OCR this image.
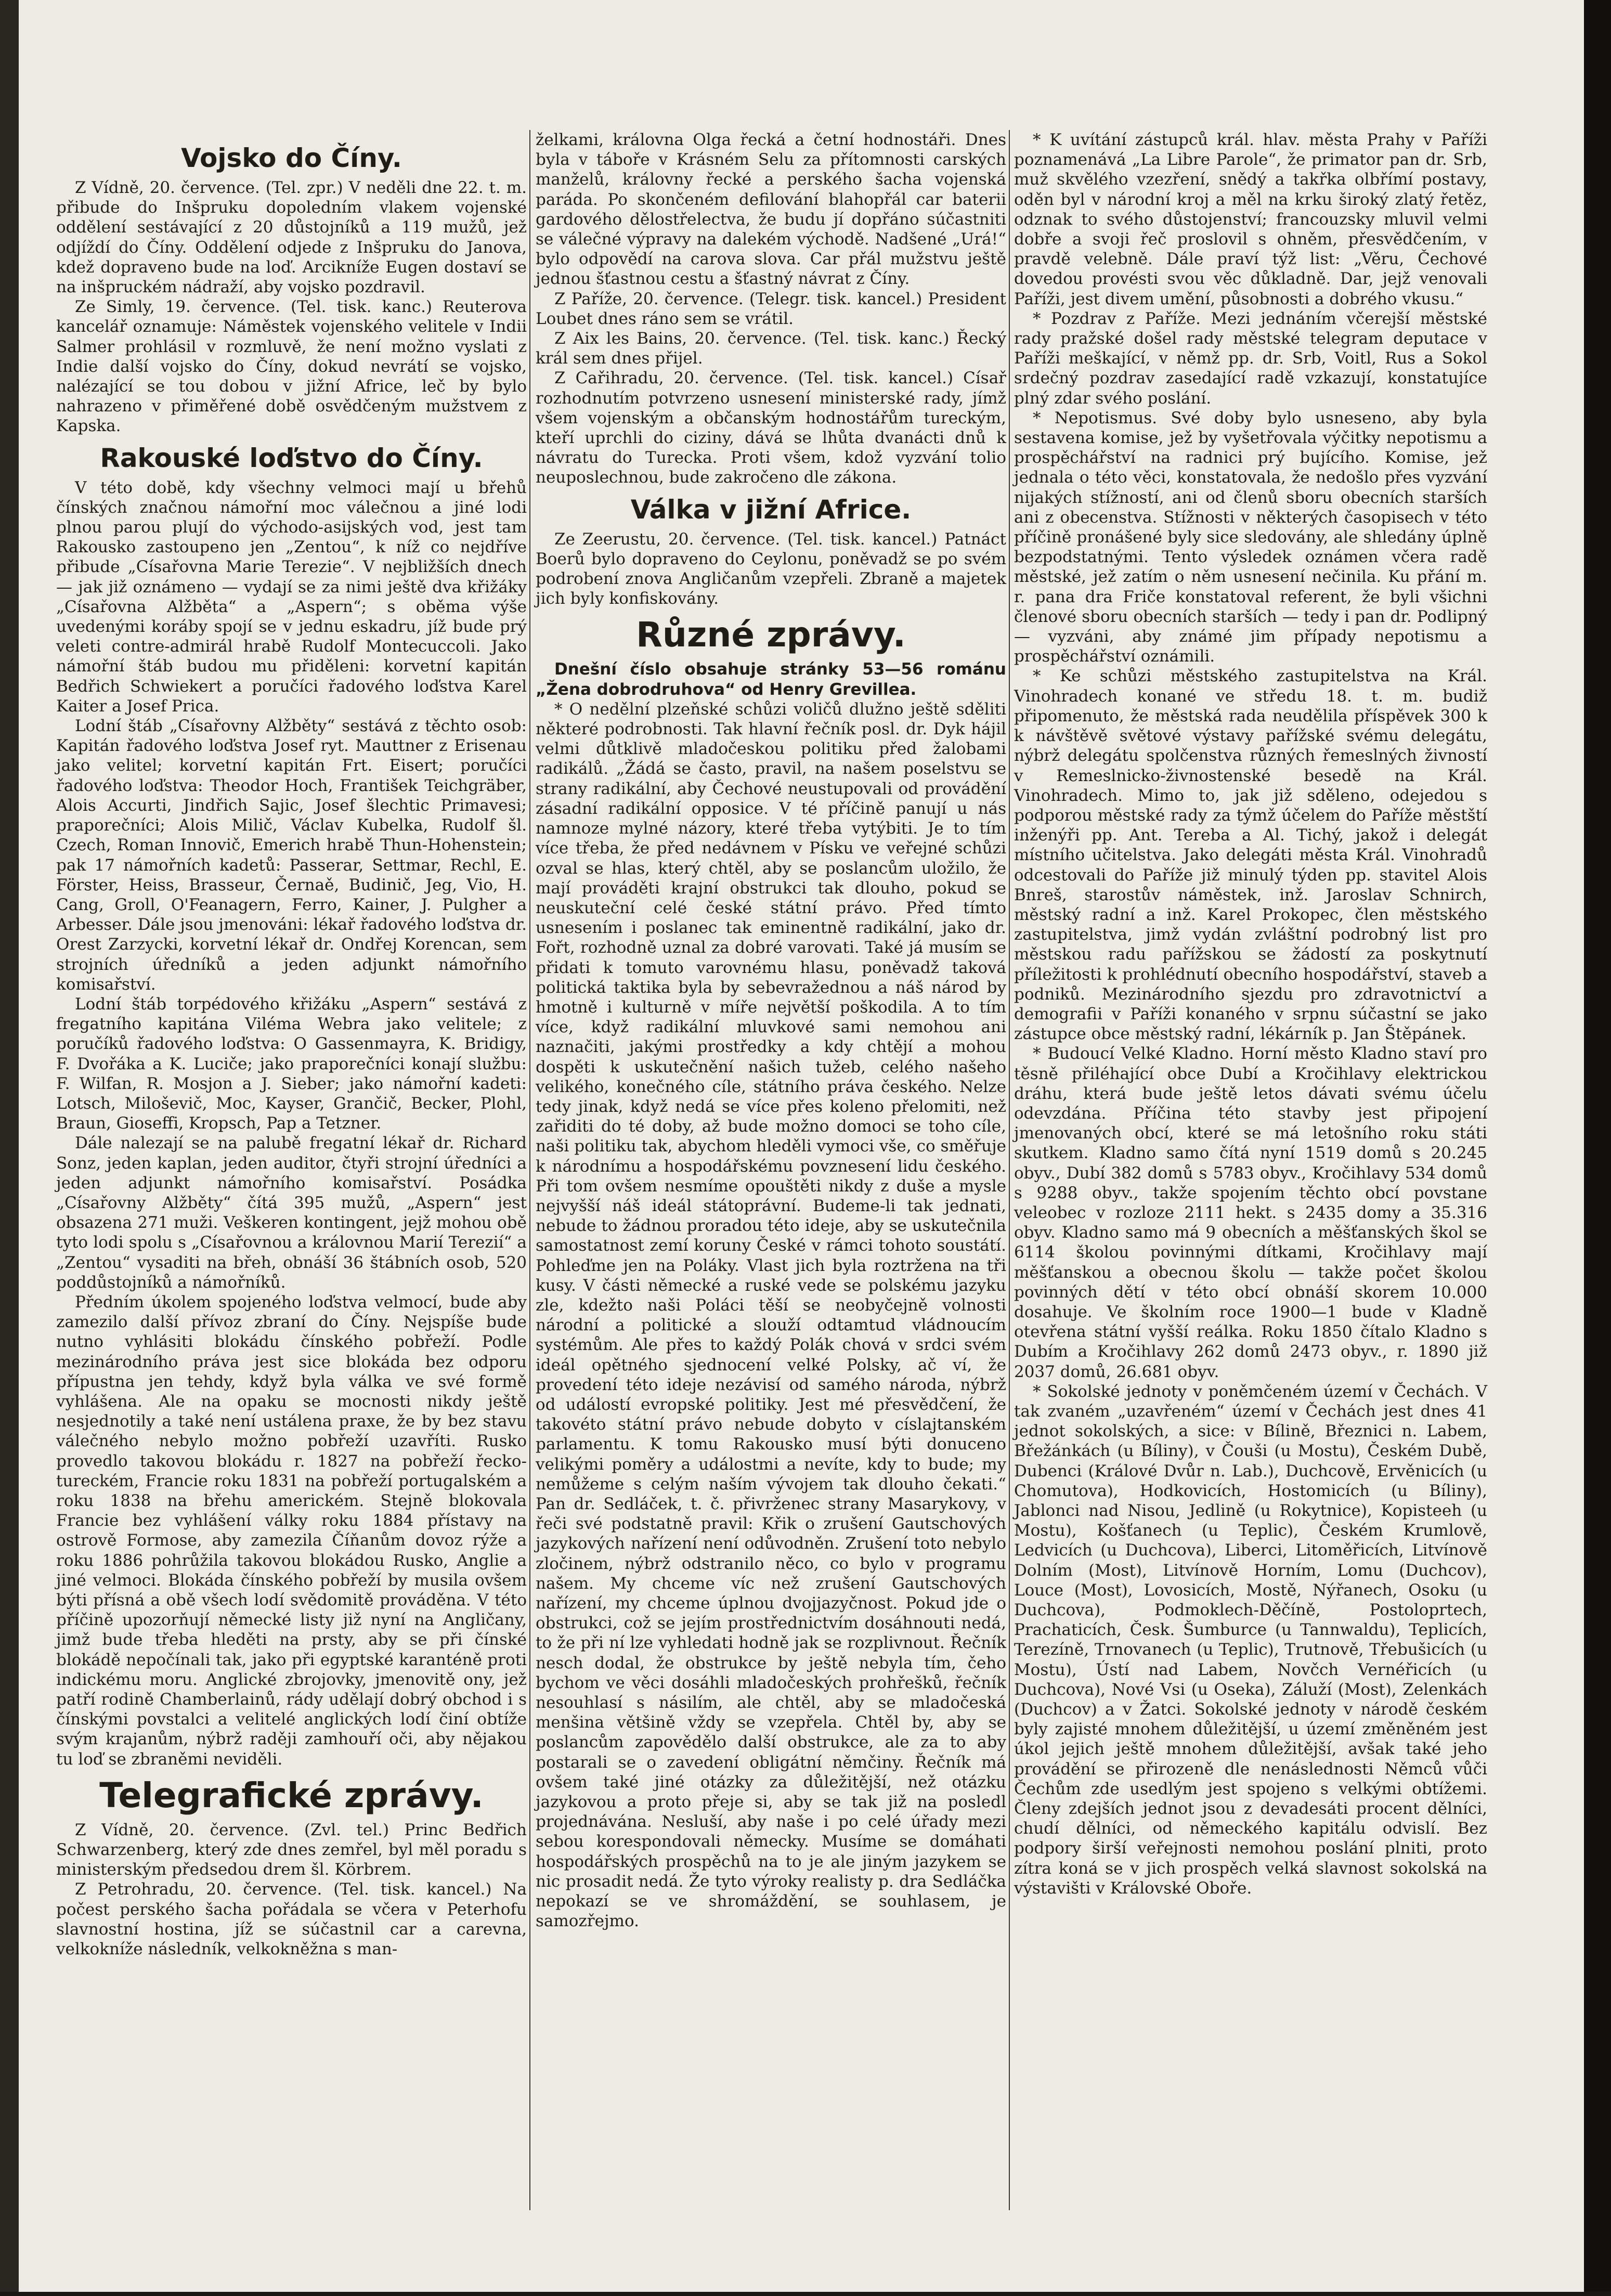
Vojsko do Číny.

Z Vídně, 20. července. (Tel. zpr.) V neděli dne 22. t. m. přibude do Inšpruku dopoledním vlakem vojenské oddělení sestávající z 20 důstojníků a 119 mužů, jež odjíždí do Číny. Oddělení odjede z Inšpruku do Janova, kdež dopraveno bude na loď. Arcikníže Eugen dostaví se na inšpruckém nádraží, aby vojsko pozdravil.

Ze Simly, 19. července. (Tel. tisk. kanc.) Reuterova kancelář oznamuje: Náměstek vojenského velitele v Indii Salmer prohlásil v rozmluvě, že není možno vyslati z Indie další vojsko do Číny, dokud nevrátí se vojsko, nalézající se tou dobou v jižní Africe, leč by bylo nahrazeno v přiměřené době osvědčeným mužstvem z Kapska.

Rakouské loďstvo do Číny.

V této době, kdy všechny velmoci mají u břehů čínských značnou námořní moc válečnou a jiné lodi plnou parou plují do východo-asijských vod, jest tam Rakousko zastoupeno jen „Zentou“, k níž co nejdříve přibude „Císařovna Marie Terezie“. V nejbližších dnech — jak již oznámeno — vydají se za nimi ještě dva křižáky „Císařovna Alžběta“ a „Aspern“; s oběma výše uvedenými koráby spojí se v jednu eskadru, jíž bude prý veleti contre-admirál hrabě Rudolf Montecuccoli. Jako námořní štáb budou mu přiděleni: korvetní kapitán Bedřich Schwiekert a poručíci řadového loďstva Karel Kaiter a Josef Prica.

Lodní štáb „Císařovny Alžběty“ sestává z těchto osob: Kapitán řadového loďstva Josef ryt. Mauttner z Erisenau jako velitel; korvetní kapitán Frt. Eisert; poručíci řadového loďstva: Theodor Hoch, František Teichgräber, Alois Accurti, Jindřich Sajic, Josef šlechtic Primavesi; praporečníci; Alois Milič, Václav Kubelka, Rudolf šl. Czech, Roman Innovič, Emerich hrabě Thun-Hohenstein; pak 17 námořních kadetů: Passerar, Settmar, Rechl, E. Förster, Heiss, Brasseur, Černaě, Budinič, Jeg, Vio, H. Cang, Groll, O'Feanagern, Ferro, Kainer, J. Pulgher a Arbesser. Dále jsou jmenováni: lékař řadového loďstva dr. Orest Zarzycki, korvetní lékař dr. Ondřej Korencan, sem strojních úředníků a jeden adjunkt námořního komisařství.

Lodní štáb torpédového křižáku „Aspern“ sestává z fregatního kapitána Viléma Webra jako velitele; z poručíků řadového loďstva: O Gassenmayra, K. Bridigy, F. Dvořáka a K. Luciče; jako praporečníci konají službu: F. Wilfan, R. Mosjon a J. Sieber; jako námořní kadeti: Lotsch, Miloševič, Moc, Kayser, Grančič, Becker, Plohl, Braun, Gioseffi, Kropsch, Pap a Tetzner.

Dále nalezají se na palubě fregatní lékař dr. Richard Sonz, jeden kaplan, jeden auditor, čtyři strojní úředníci a jeden adjunkt námořního komisařství. Posádka „Císařovny Alžběty“ čítá 395 mužů, „Aspern“ jest obsazena 271 muži. Veškeren kontingent, jejž mohou obě tyto lodi spolu s „Císařovnou a královnou Marií Terezií“ a „Zentou“ vysaditi na břeh, obnáší 36 štábních osob, 520 poddůstojníků a námořníků.

Předním úkolem spojeného loďstva velmocí, bude aby zamezilo další přívoz zbraní do Číny. Nejspíše bude nutno vyhlásiti blokádu čínského pobřeží. Podle mezinárodního práva jest sice blokáda bez odporu přípustna jen tehdy, když byla válka ve své formě vyhlášena. Ale na opaku se mocnosti nikdy ještě nesjednotily a také není ustálena praxe, že by bez stavu válečného nebylo možno pobřeží uzavříti. Rusko provedlo takovou blokádu r. 1827 na pobřeží řecko-tureckém, Francie roku 1831 na pobřeží portugalském a roku 1838 na břehu americkém. Stejně blokovala Francie bez vyhlášení války roku 1884 přístavy na ostrově Formose, aby zamezila Číňanům dovoz rýže a roku 1886 pohrůžila takovou blokádou Rusko, Anglie a jiné velmoci. Blokáda čínského pobřeží by musila ovšem býti přísná a obě všech lodí svědomitě prováděna. V této příčině upozorňují německé listy již nyní na Angličany, jimž bude třeba hleděti na prsty, aby se při čínské blokádě nepočínali tak, jako při egyptské karanténě proti indickému moru. Anglické zbrojovky, jmenovitě ony, jež patří rodině Chamberlainů, rády udělají dobrý obchod i s čínskými povstalci a velitelé anglických lodí činí obtíže svým krajanům, nýbrž raději zamhouří oči, aby nějakou tu loď se zbraněmi neviděli.

Telegrafické zprávy.

Z Vídně, 20. července. (Zvl. tel.) Princ Bedřich Schwarzenberg, který zde dnes zemřel, byl měl poradu s ministerským předsedou drem šl. Körbrem.

Z Petrohradu, 20. července. (Tel. tisk. kancel.) Na počest perského šacha pořádala se včera v Peterhofu slavnostní hostina, jíž se súčastnil car a carevna, velkokníže následník, velkokněžna s man-

želkami, královna Olga řecká a četní hodnostáři. Dnes byla v táboře v Krásném Selu za přítomnosti carských manželů, královny řecké a perského šacha vojenská paráda. Po skončeném defilování blahopřál car baterii gardového dělostřelectva, že budu jí dopřáno súčastniti se válečné výpravy na dalekém východě. Nadšené „Urá!“ bylo odpovědí na carova slova. Car přál mužstvu ještě jednou šťastnou cestu a šťastný návrat z Číny.

Z Paříže, 20. července. (Telegr. tisk. kancel.) President Loubet dnes ráno sem se vrátil.

Z Aix les Bains, 20. července. (Tel. tisk. kanc.) Řecký král sem dnes přijel.

Z Cařihradu, 20. července. (Tel. tisk. kancel.) Císař rozhodnutím potvrzeno usnesení ministerské rady, jímž všem vojenským a občanským hodnostářům tureckým, kteří uprchli do ciziny, dává se lhůta dvanácti dnů k návratu do Turecka. Proti všem, kdož vyzvání tolio neuposlechnou, bude zakročeno dle zákona.

Válka v jižní Africe.

Ze Zeerustu, 20. července. (Tel. tisk. kancel.) Patnáct Boerů bylo dopraveno do Ceylonu, poněvadž se po svém podrobení znova Angličanům vzepřeli. Zbraně a majetek jich byly konfiskovány.

Různé zprávy.

Dnešní číslo obsahuje stránky 53—56 románu „Žena dobrodruhova“ od Henry Grevillea.

* O nedělní plzeňské schůzi voličů dlužno ještě sděliti některé podrobnosti. Tak hlavní řečník posl. dr. Dyk hájil velmi důtklivě mladočeskou politiku před žalobami radikálů. „Žádá se často, pravil, na našem poselstvu se strany radikální, aby Čechové neustupovali od provádění zásadní radikální opposice. V té příčině panují u nás namnoze mylné názory, které třeba vytýbiti. Je to tím více třeba, že před nedávnem v Písku ve veřejné schůzi ozval se hlas, který chtěl, aby se poslancům uložilo, že mají prováděti krajní obstrukci tak dlouho, pokud se neuskuteční celé české státní právo. Před tímto usnesením i poslanec tak eminentně radikální, jako dr. Fořt, rozhodně uznal za dobré varovati. Také já musím se přidati k tomuto varovnému hlasu, poněvadž taková politická taktika byla by sebevražednou a náš národ by hmotně i kulturně v míře největší poškodila. A to tím více, když radikální mluvkové sami nemohou ani naznačiti, jakými prostředky a kdy chtějí a mohou dospěti k uskutečnění našich tužeb, celého našeho velikého, konečného cíle, státního práva českého. Nelze tedy jinak, když nedá se více přes koleno přelomiti, než zařiditi do té doby, až bude možno domoci se toho cíle, naši politiku tak, abychom hleděli vymoci vše, co směřuje k národnímu a hospodářskému povznesení lidu českého. Při tom ovšem nesmíme opouštěti nikdy z duše a mysle nejvyšší náš ideál státoprávní. Budeme-li tak jednati, nebude to žádnou proradou této ideje, aby se uskutečnila samostatnost zemí koruny České v rámci tohoto soustátí. Pohleďme jen na Poláky. Vlast jich byla roztržena na tři kusy. V části německé a ruské vede se polskému jazyku zle, kdežto naši Poláci těší se neobyčejně volnosti národní a politické a slouží odtamtud vládnoucím systémům. Ale přes to každý Polák chová v srdci svém ideál opětného sjednocení velké Polsky, ač ví, že provedení této ideje nezávisí od samého národa, nýbrž od událostí evropské politiky. Jest mé přesvědčení, že takovéto státní právo nebude dobyto v císlajtanském parlamentu. K tomu Rakousko musí býti donuceno velikými poměry a událostmi a nevíte, kdy to bude; my nemůžeme s celým naším vývojem tak dlouho čekati.“ Pan dr. Sedláček, t. č. přivrženec strany Masarykovy, v řeči své podstatně pravil: Křik o zrušení Gautschových jazykových nařízení není odůvodněn. Zrušení toto nebylo zločinem, nýbrž odstranilo něco, co bylo v programu našem. My chceme víc než zrušení Gautschových nařízení, my chceme úplnou dvojjazyčnost. Pokud jde o obstrukci, což se jejím prostřednictvím dosáhnouti nedá, to že při ní lze vyhledati hodně jak se rozplivnout. Řečník nesch dodal, že obstrukce by ještě nebyla tím, čeho bychom ve věci dosáhli mladočeských prohřešků, řečník nesouhlasí s násilím, ale chtěl, aby se mladočeská menšina většině vždy se vzepřela. Chtěl by, aby se poslancům zapovědělo další obstrukce, ale za to aby postarali se o zavedení obligátní němčiny. Řečník má ovšem také jiné otázky za důležitější, než otázku jazykovou a proto přeje si, aby se tak již na posledl projednávána. Nesluší, aby naše i po celé úřady mezi sebou korespondovali německy. Musíme se domáhati hospodářských prospěchů na to je ale jiným jazykem se nic prosadit nedá. Že tyto výroky realisty p. dra Sedláčka nepokazí se ve shromáždění, se souhlasem, je samozřejmo.

* K uvítání zástupců král. hlav. města Prahy v Paříži poznamenává „La Libre Parole“, že primator pan dr. Srb, muž skvělého vzezření, snědý a takřka olbřímí postavy, oděn byl v národní kroj a měl na krku široký zlatý řetěz, odznak to svého důstojenství; francouzsky mluvil velmi dobře a svoji řeč proslovil s ohněm, přesvědčením, v pravdě velebně. Dále praví týž list: „Věru, Čechové dovedou provésti svou věc důkladně. Dar, jejž venovali Paříži, jest divem umění, působnosti a dobrého vkusu.“

* Pozdrav z Paříže. Mezi jednáním včerejší městské rady pražské došel rady městské telegram deputace v Paříži meškající, v němž pp. dr. Srb, Voitl, Rus a Sokol srdečný pozdrav zasedající radě vzkazují, konstatujíce plný zdar svého poslání.

* Nepotismus. Své doby bylo usneseno, aby byla sestavena komise, jež by vyšetřovala výčitky nepotismu a prospěchářství na radnici prý bujícího. Komise, jež jednala o této věci, konstatovala, že nedošlo přes vyzvání nijakých stížností, ani od členů sboru obecních starších ani z obecenstva. Stížnosti v některých časopisech v této příčině pronášené byly sice sledovány, ale shledány úplně bezpodstatnými. Tento výsledek oznámen včera radě městské, jež zatím o něm usnesení nečinila. Ku přání m. r. pana dra Friče konstatoval referent, že byli všichni členové sboru obecních starších — tedy i pan dr. Podlipný — vyzváni, aby známé jim případy nepotismu a prospěchářství oznámili.

* Ke schůzi městského zastupitelstva na Král. Vinohradech konané ve středu 18. t. m. budiž připomenuto, že městská rada neudělila příspěvek 300 k k návštěvě světové výstavy pařížské svému delegátu, nýbrž delegátu spolčenstva různých řemeslných živností v Remeslnicko-živnostenské besedě na Král. Vinohradech. Mimo to, jak již sděleno, odejedou s podporou městské rady za týmž účelem do Paříže městští inženýři pp. Ant. Tereba a Al. Tichý, jakož i delegát místního učitelstva. Jako delegáti města Král. Vinohradů odcestovali do Paříže již minulý týden pp. stavitel Alois Bnreš, starostův náměstek, inž. Jaroslav Schnirch, městský radní a inž. Karel Prokopec, člen městského zastupitelstva, jimž vydán zvláštní podrobný list pro městskou radu pařížskou se žádostí za poskytnutí příležitosti k prohlédnutí obecního hospodářství, staveb a podniků. Mezinárodního sjezdu pro zdravotnictví a demografii v Paříži konaného v srpnu súčastní se jako zástupce obce městský radní, lékárník p. Jan Štěpánek.

* Budoucí Velké Kladno. Horní město Kladno staví pro těsně přiléhající obce Dubí a Kročihlavy elektrickou dráhu, která bude ještě letos dávati svému účelu odevzdána. Příčina této stavby jest připojení jmenovaných obcí, které se má letošního roku státi skutkem. Kladno samo čítá nyní 1519 domů s 20.245 obyv., Dubí 382 domů s 5783 obyv., Kročihlavy 534 domů s 9288 obyv., takže spojením těchto obcí povstane veleobec v rozloze 2111 hekt. s 2435 domy a 35.316 obyv. Kladno samo má 9 obecních a měšťanských škol se 6114 školou povinnými dítkami, Kročihlavy mají měšťanskou a obecnou školu — takže počet školou povinných dětí v této obcí obnáší skorem 10.000 dosahuje. Ve školním roce 1900—1 bude v Kladně otevřena státní vyšší reálka. Roku 1850 čítalo Kladno s Dubím a Kročihlavy 262 domů 2473 obyv., r. 1890 již 2037 domů, 26.681 obyv.

* Sokolské jednoty v poněmčeném území v Čechách. V tak zvaném „uzavřeném“ území v Čechách jest dnes 41 jednot sokolských, a sice: v Bílině, Březnici n. Labem, Břežánkách (u Bíliny), v Čouši (u Mostu), Českém Dubě, Dubenci (Králové Dvůr n. Lab.), Duchcově, Ervěnicích (u Chomutova), Hodkovicích, Hostomicích (u Bíliny), Jablonci nad Nisou, Jedlině (u Rokytnice), Kopisteeh (u Mostu), Košťanech (u Teplic), Českém Krumlově, Ledvicích (u Duchcova), Liberci, Litoměřicích, Litvínově Dolním (Most), Litvínově Horním, Lomu (Duchcov), Louce (Most), Lovosicích, Mostě, Nýřanech, Osoku (u Duchcova), Podmoklech-Děčíně, Postoloprtech, Prachaticích, Česk. Šumburce (u Tannwaldu), Teplicích, Terezíně, Trnovanech (u Teplic), Trutnově, Třebušicích (u Mostu), Ústí nad Labem, Novčch Vernéřicích (u Duchcova), Nové Vsi (u Oseka), Záluží (Most), Zelenkách (Duchcov) a v Žatci. Sokolské jednoty v národě českém byly zajisté mnohem důležitější, u území změněném jest úkol jejich ještě mnohem důležitější, avšak také jeho provádění se přirozeně dle nenáslednosti Němců vůči Čechům zde usedlým jest spojeno s velkými obtížemi. Členy zdejších jednot jsou z devadesáti procent dělníci, chudí dělníci, od německého kapitálu odvislí. Bez podpory širší veřejnosti nemohou poslání plniti, proto zítra koná se v jich prospěch velká slavnost sokolská na výstavišti v Královské Oboře.
